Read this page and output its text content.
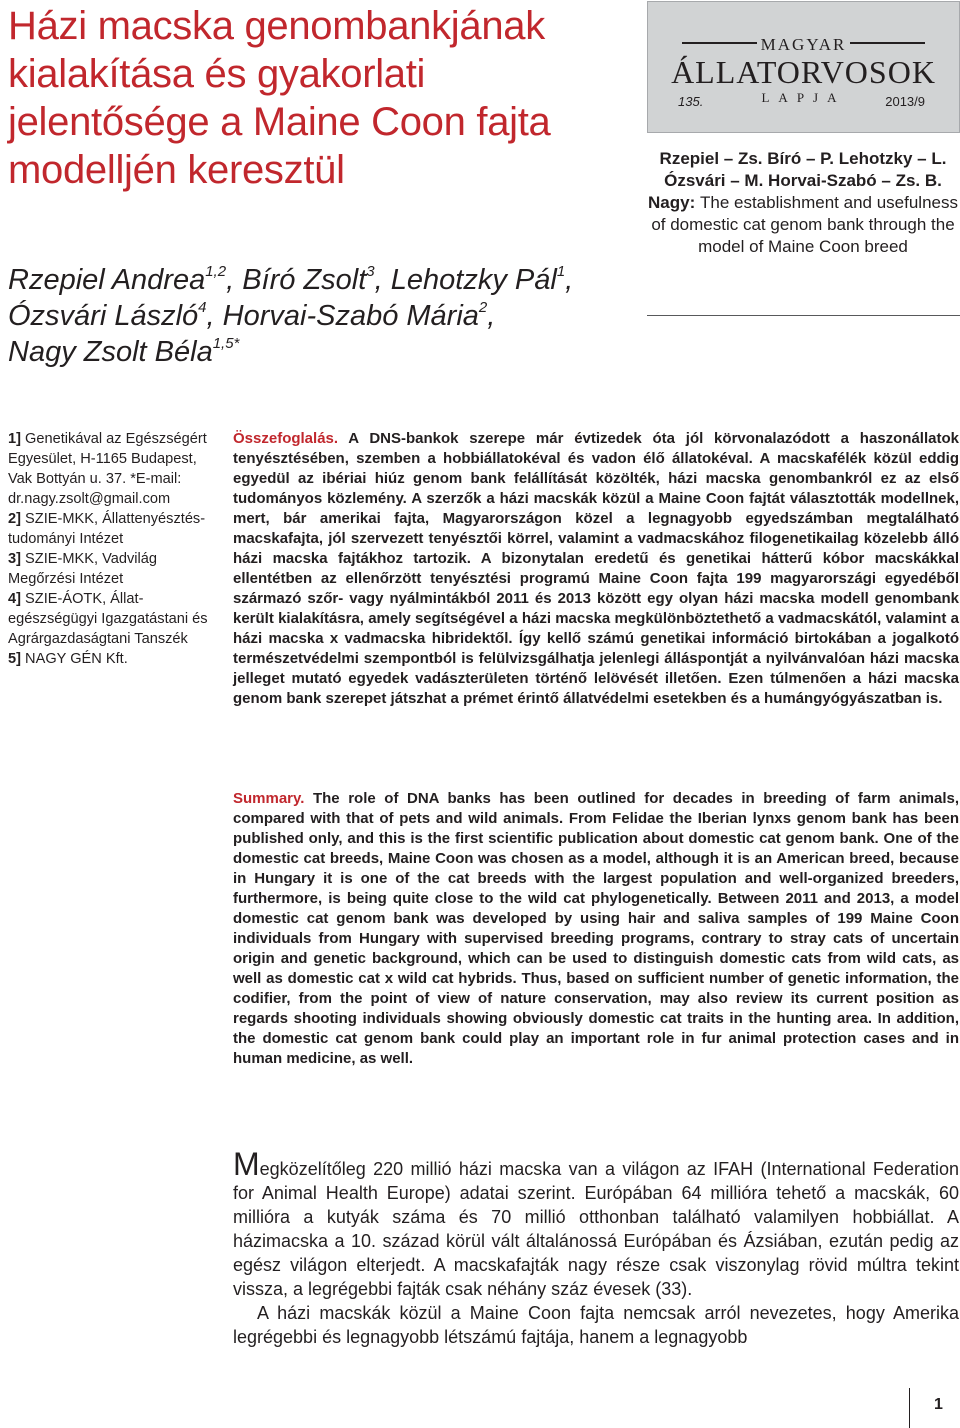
Házi macska genombankjának kialakítása és gyakorlati jelentősége a Maine Coon fajta modelljén keresztül
Rzepiel Andrea$^{1,2}$, Bíró Zsolt$^3$, Lehotzky Pál$^1$,
Ózsvári László$^4$, Horvai-Szabó Mária$^2$,
Nagy Zsolt Béla$^{1,5*}$
MAGYAR
ÁLLATORVOSOK
LAPJA
135.	2013/9
Rzepiel – Zs. Bíró – P. Lehotzky – L. Ózsvári – M. Horvai-Szabó – Zs. B. Nagy: The establishment and usefulness of domestic cat genom bank through the model of Maine Coon breed
1] Genetikával az Egészségért Egyesület, H-1165 Budapest, Vak Bottyán u. 37. *E-mail: dr.nagy.zsolt@gmail.com
2] SZIE-MKK, Állattenyésztés-tudományi Intézet
3] SZIE-MKK, Vadvilág Megőrzési Intézet
4] SZIE-ÁOTK, Állat-egészségügyi Igazgatástani és Agrárgazdaságtani Tanszék
5] NAGY GÉN Kft.
Összefoglalás. A DNS-bankok szerepe már évtizedek óta jól körvonalazódott a haszonállatok tenyésztésében, szemben a hobbiállatokéval és vadon élő állatokéval. A macskafélék közül eddig egyedül az ibériai hiúz genom bank felállítását közölték, házi macska genombankról ez az első tudományos közlemény. A szerzők a házi macskák közül a Maine Coon fajtát választották modellnek, mert, bár amerikai fajta, Magyarországon közel a legnagyobb egyedszámban megtalálható macskafajta, jól szervezett tenyésztői körrel, valamint a vadmacskához filogenetikailag közelebb álló házi macska fajtákhoz tartozik. A bizonytalan eredetű és genetikai hátterű kóbor macskákkal ellentétben az ellenőrzött tenyésztési programú Maine Coon fajta 199 magyarországi egyedéből származó szőr- vagy nyálmintákból 2011 és 2013 között egy olyan házi macska modell genombank került kialakításra, amely segítségével a házi macska megkülönböztethető a vadmacskától, valamint a házi macska x vadmacska hibridektől. Így kellő számú genetikai információ birtokában a jogalkotó természetvédelmi szempontból is felülvizsgálhatja jelenlegi álláspontját a nyilvánvalóan házi macska jelleget mutató egyedek vadászterületen történő lelövését illetően. Ezen túlmenően a házi macska genom bank szerepet játszhat a prémet érintő állatvédelmi esetekben és a humángyógyászatban is.
Summary. The role of DNA banks has been outlined for decades in breeding of farm animals, compared with that of pets and wild animals. From Felidae the Iberian lynxs genom bank has been published only, and this is the first scientific publication about domestic cat genom bank. One of the domestic cat breeds, Maine Coon was chosen as a model, although it is an American breed, because in Hungary it is one of the cat breeds with the largest population and well-organized breeders, furthermore, is being quite close to the wild cat phylogenetically. Between 2011 and 2013, a model domestic cat genom bank was developed by using hair and saliva samples of 199 Maine Coon individuals from Hungary with supervised breeding programs, contrary to stray cats of uncertain origin and genetic background, which can be used to distinguish domestic cats from wild cats, as well as domestic cat x wild cat hybrids. Thus, based on sufficient number of genetic information, the codifier, from the point of view of nature conservation, may also review its current position as regards shooting individuals showing obviously domestic cat traits in the hunting area. In addition, the domestic cat genom bank could play an important role in fur animal protection cases and in human medicine, as well.

Megközelítőleg 220 millió házi macska van a világon az IFAH (International Federation for Animal Health Europe) adatai szerint. Európában 64 millióra tehető a macskák, 60 millióra a kutyák száma és 70 millió otthonban található valamilyen hobbiállat. A házimacska a 10. század körül vált általánossá Európában és Ázsiában, ezután pedig az egész világon elterjedt. A macskafajták nagy része csak viszonylag rövid múltra tekint vissza, a legrégebbi fajták csak néhány száz évesek (33).

A házi macskák közül a Maine Coon fajta nemcsak arról nevezetes, hogy Amerika legrégebbi és legnagyobb létszámú fajtája, hanem a legnagyobb

1
